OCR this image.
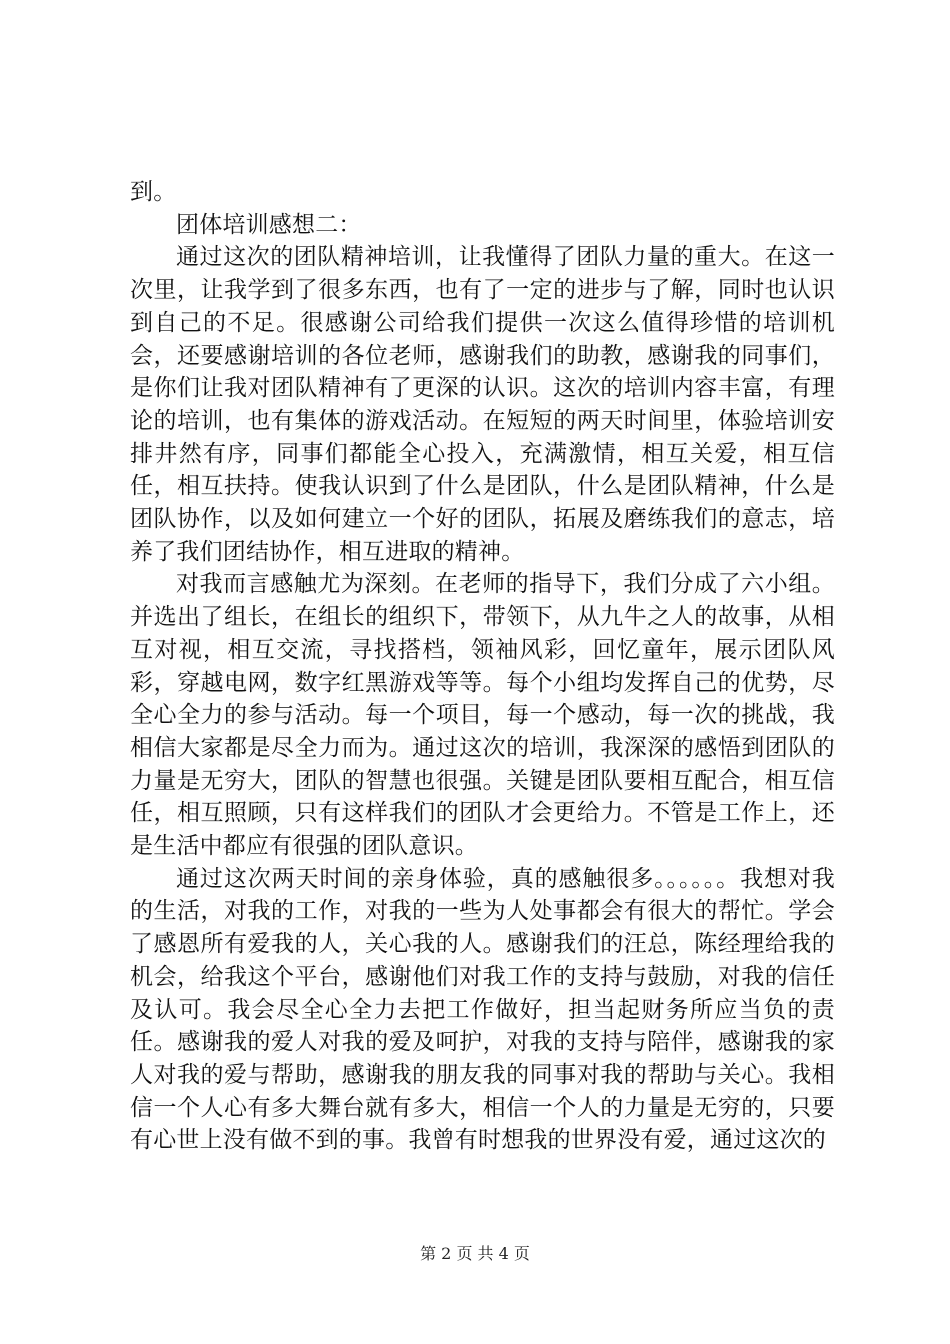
到。

团体培训感想二：

通过这次的团队精神培训，让我懂得了团队力量的重大。在这一次里，让我学到了很多东西，也有了一定的进步与了解，同时也认识到自己的不足。很感谢公司给我们提供一次这么值得珍惜的培训机会，还要感谢培训的各位老师，感谢我们的助教，感谢我的同事们，是你们让我对团队精神有了更深的认识。这次的培训内容丰富，有理论的培训，也有集体的游戏活动。在短短的两天时间里，体验培训安排井然有序，同事们都能全心投入，充满激情，相互关爱，相互信任，相互扶持。使我认识到了什么是团队，什么是团队精神，什么是团队协作，以及如何建立一个好的团队，拓展及磨练我们的意志，培养了我们团结协作，相互进取的精神。

对我而言感触尤为深刻。在老师的指导下，我们分成了六小组。并选出了组长，在组长的组织下，带领下，从九牛之人的故事，从相互对视，相互交流，寻找搭档，领袖风彩，回忆童年，展示团队风彩，穿越电网，数字红黑游戏等等。每个小组均发挥自己的优势，尽全心全力的参与活动。每一个项目，每一个感动，每一次的挑战，我相信大家都是尽全力而为。通过这次的培训，我深深的感悟到团队的力量是无穷大，团队的智慧也很强。关键是团队要相互配合，相互信任，相互照顾，只有这样我们的团队才会更给力。不管是工作上，还是生活中都应有很强的团队意识。

通过这次两天时间的亲身体验，真的感触很多。。。。。。我想对我的生活，对我的工作，对我的一些为人处事都会有很大的帮忙。学会了感恩所有爱我的人，关心我的人。感谢我们的汪总，陈经理给我的机会，给我这个平台，感谢他们对我工作的支持与鼓励，对我的信任及认可。我会尽全心全力去把工作做好，担当起财务所应当负的责任。感谢我的爱人对我的爱及呵护，对我的支持与陪伴，感谢我的家人对我的爱与帮助，感谢我的朋友我的同事对我的帮助与关心。我相信一个人心有多大舞台就有多大，相信一个人的力量是无穷的，只要有心世上没有做不到的事。我曾有时想我的世界没有爱，通过这次的

第 2 页 共 4 页
